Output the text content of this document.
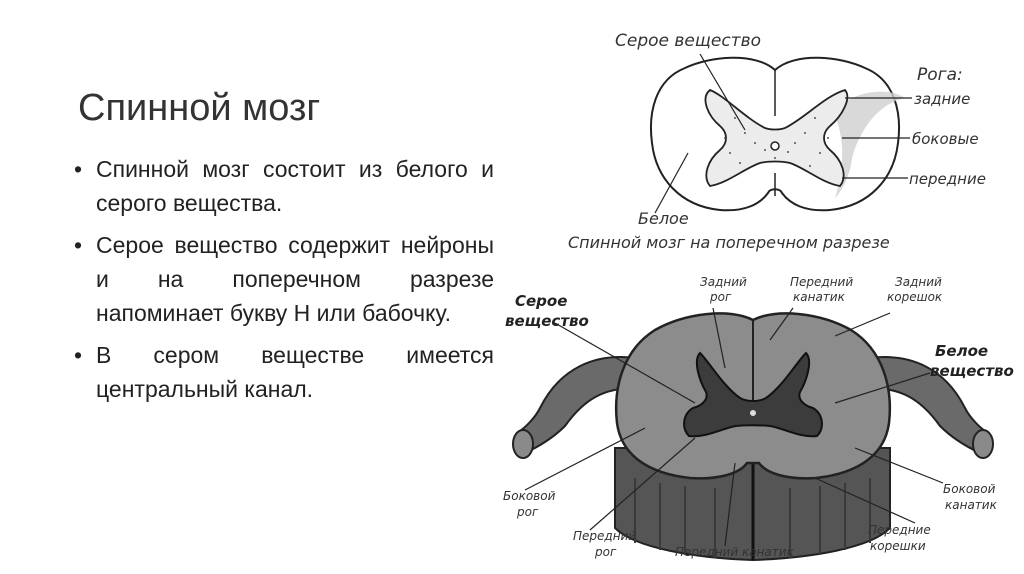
Спинной мозг
• Спинной мозг состоит из белого и серого вещества.
• Серое вещество содержит нейроны и на поперечном разрезе напоминает букву Н или бабочку.
• В сером веществе имеется центральный канал.
Серое вещество
Рога:
задние
боковые
передние
Белое
Спинной мозг на поперечном разрезе
Серое
вещество
Задний
рог
Передний
канатик
Задний
корешок
Белое
вещество
Боковой
рог
Передний
рог	Передний канатик
Боковой
канатик
Передние
корешки
